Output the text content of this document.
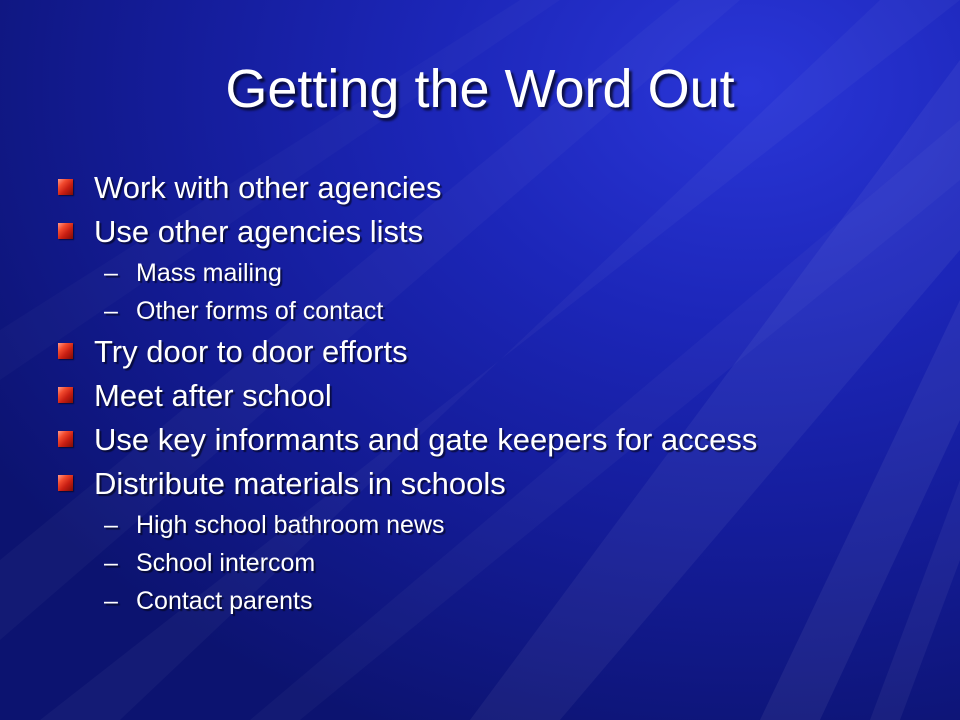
Getting the Word Out
Work with other agencies
Use other agencies lists
– Mass mailing
– Other forms of contact
Try door to door efforts
Meet after school
Use key informants and gate keepers for access
Distribute materials in schools
– High school bathroom news
– School intercom
– Contact parents
